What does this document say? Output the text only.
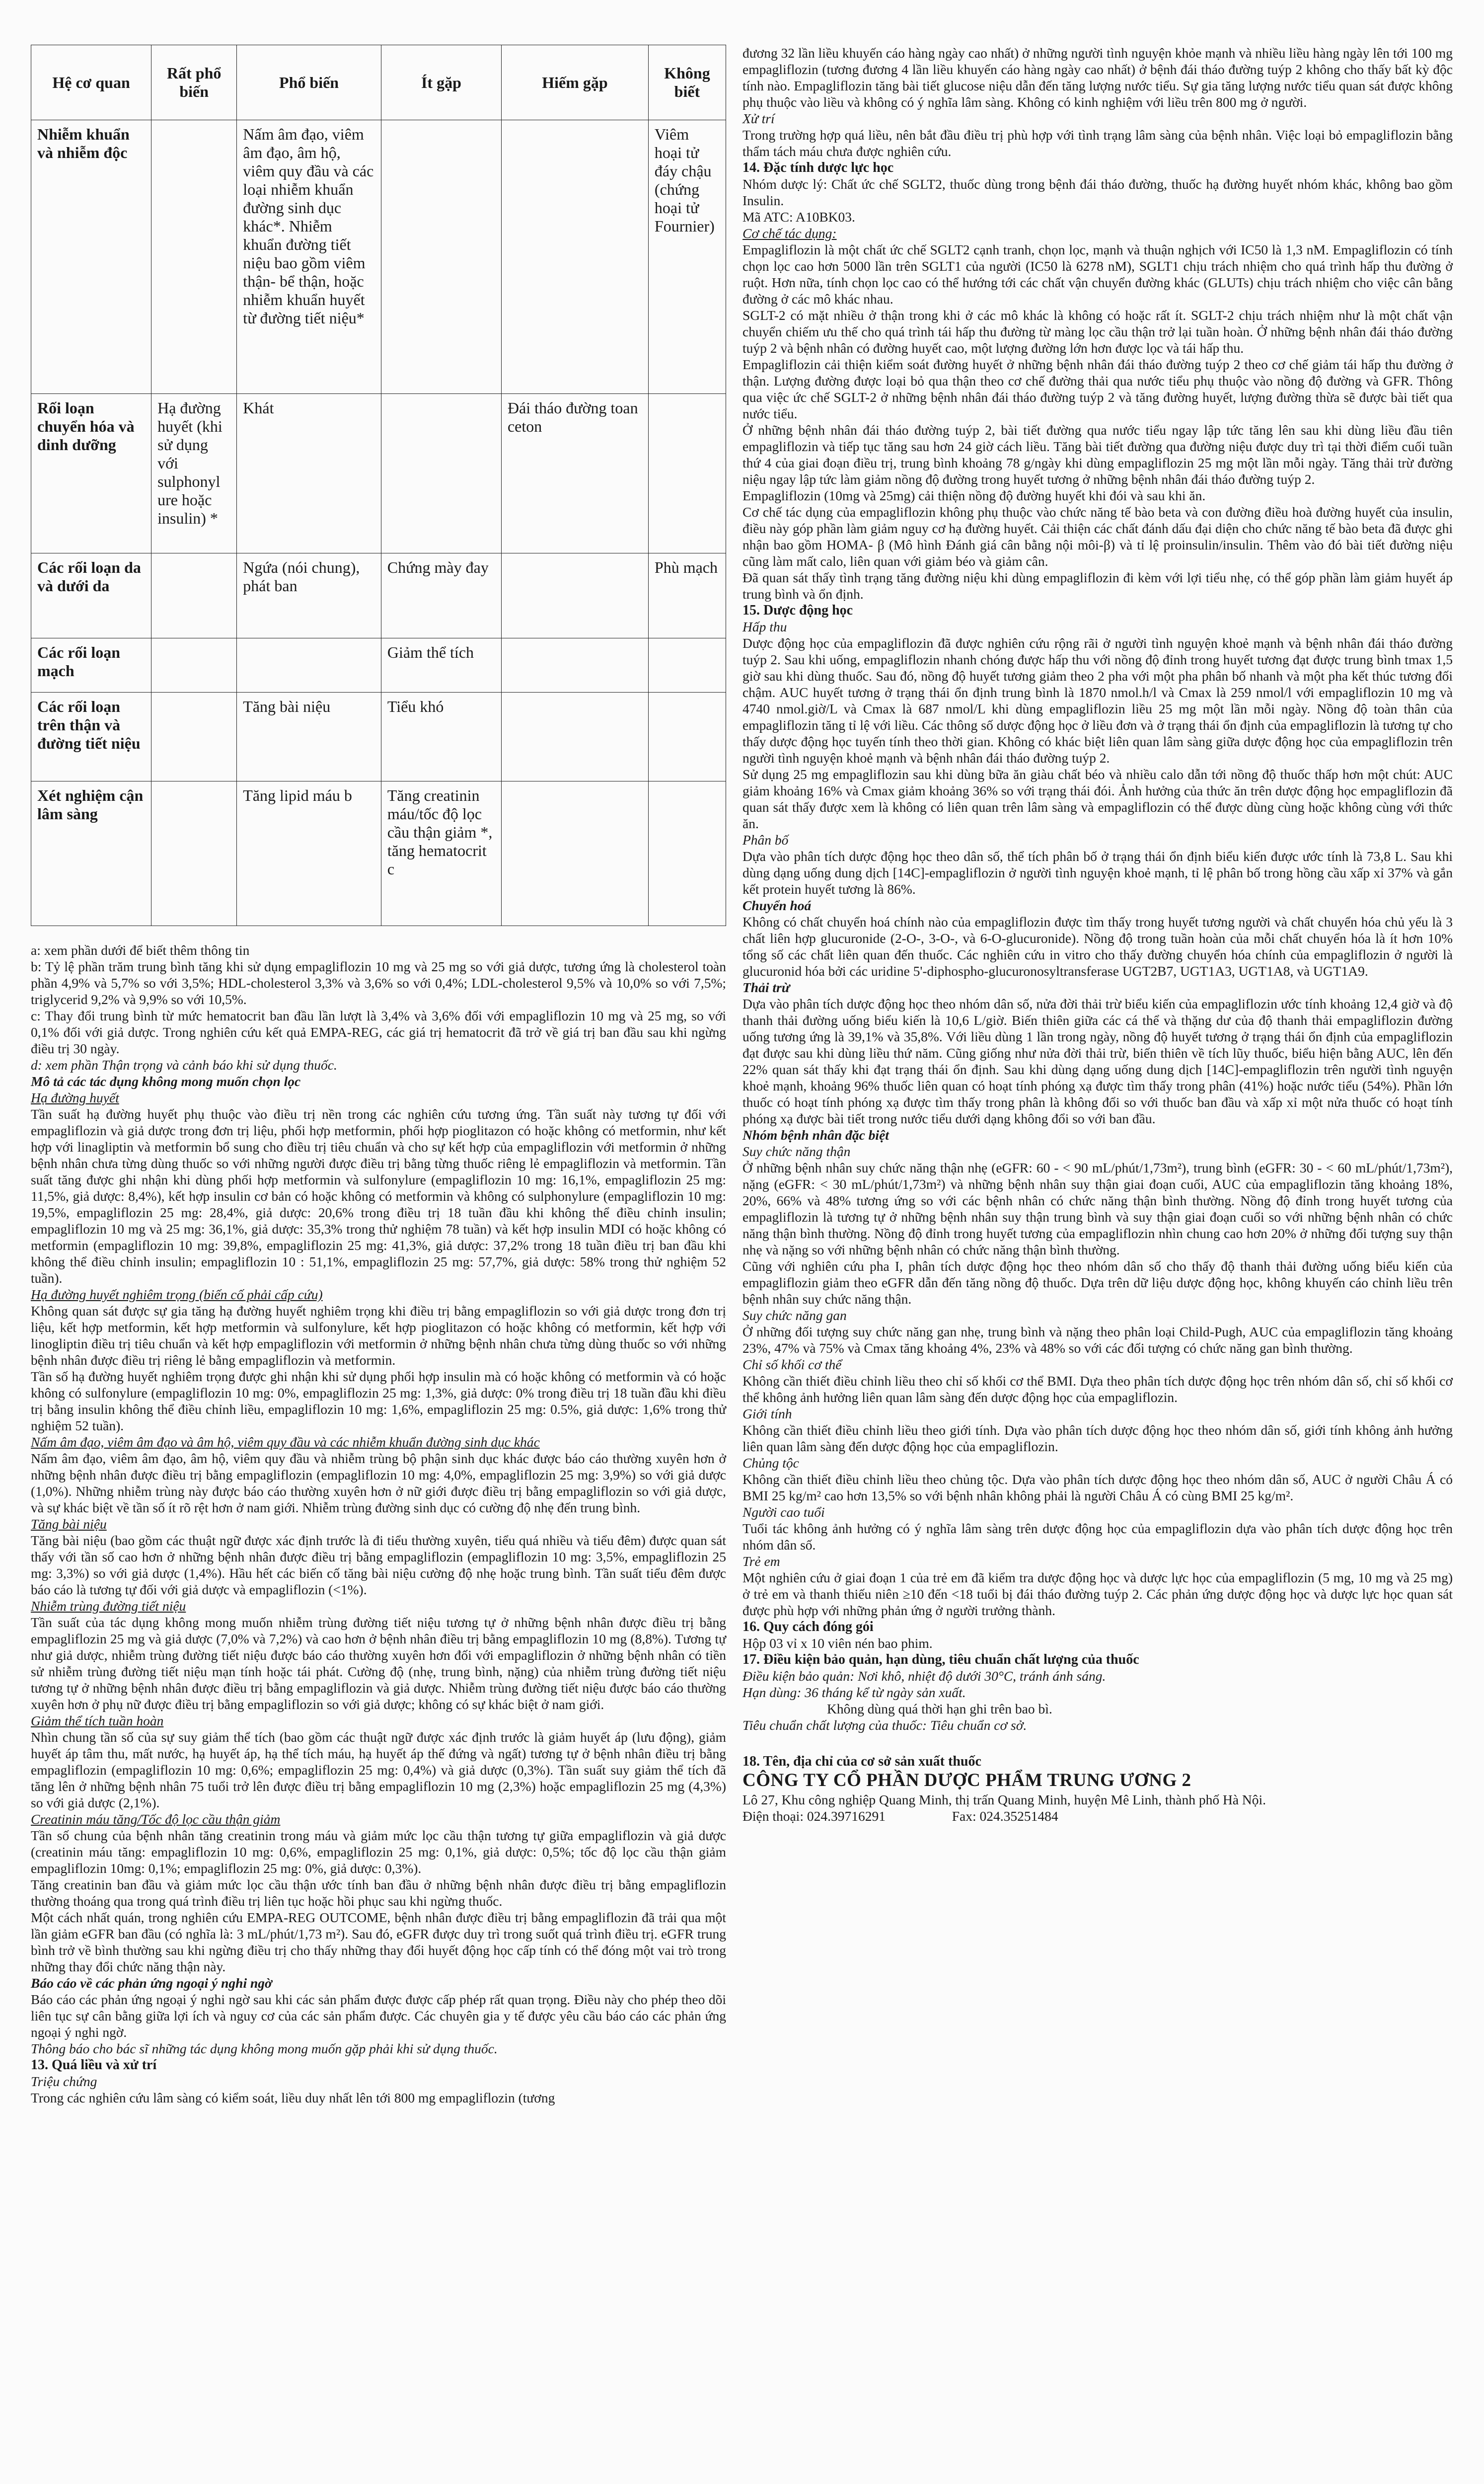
Hệ cơ quan	Rất phổ biến	Phổ biến	Ít gặp	Hiếm gặp	Không biết
Nhiễm khuẩn và nhiễm độc		Nấm âm đạo, viêm âm đạo, âm hộ, viêm quy đầu và các loại nhiễm khuẩn đường sinh dục khác*. Nhiễm khuẩn đường tiết niệu bao gồm viêm thận- bể thận, hoặc nhiễm khuẩn huyết từ đường tiết niệu*			Viêm hoại tử đáy chậu (chứng hoại tử Fournier)
Rối loạn chuyển hóa và dinh dưỡng	Hạ đường huyết (khi sử dụng với sulphonyl ure hoặc insulin) *	Khát		Đái tháo đường toan ceton	
Các rối loạn da và dưới da		Ngứa (nói chung), phát ban	Chứng mày đay		Phù mạch
Các rối loạn mạch			Giảm thể tích		
Các rối loạn trên thận và đường tiết niệu		Tăng bài niệu	Tiểu khó		
Xét nghiệm cận lâm sàng		Tăng lipid máu b	Tăng creatinin máu/tốc độ lọc cầu thận giảm *, tăng hematocrit c		

a: xem phần dưới để biết thêm thông tin

b: Tỷ lệ phần trăm trung bình tăng khi sử dụng empagliflozin 10 mg và 25 mg so với giả dược, tương ứng là cholesterol toàn phần 4,9% và 5,7% so với 3,5%; HDL-cholesterol 3,3% và 3,6% so với 0,4%; LDL-cholesterol 9,5% và 10,0% so với 7,5%; triglycerid 9,2% và 9,9% so với 10,5%.

c: Thay đổi trung bình từ mức hematocrit ban đầu lần lượt là 3,4% và 3,6% đối với empagliflozin 10 mg và 25 mg, so với 0,1% đối với giả dược. Trong nghiên cứu kết quả EMPA-REG, các giá trị hematocrit đã trở về giá trị ban đầu sau khi ngừng điều trị 30 ngày.

d: xem phần Thận trọng và cảnh báo khi sử dụng thuốc.

Mô tả các tác dụng không mong muốn chọn lọc

Hạ đường huyết

Tần suất hạ đường huyết phụ thuộc vào điều trị nền trong các nghiên cứu tương ứng. Tần suất này tương tự đối với empagliflozin và giả dược trong đơn trị liệu, phối hợp metformin, phối hợp pioglitazon có hoặc không có metformin, như kết hợp với linagliptin và metformin bổ sung cho điều trị tiêu chuẩn và cho sự kết hợp của empagliflozin với metformin ở những bệnh nhân chưa từng dùng thuốc so với những người được điều trị bằng từng thuốc riêng lẻ empagliflozin và metformin. Tần suất tăng được ghi nhận khi dùng phối hợp metformin và sulfonylure (empagliflozin 10 mg: 16,1%, empagliflozin 25 mg: 11,5%, giả dược: 8,4%), kết hợp insulin cơ bản có hoặc không có metformin và không có sulphonylure (empagliflozin 10 mg: 19,5%, empagliflozin 25 mg: 28,4%, giả dược: 20,6% trong điều trị 18 tuần đầu khi không thể điều chỉnh insulin; empagliflozin 10 mg và 25 mg: 36,1%, giả dược: 35,3% trong thử nghiệm 78 tuần) và kết hợp insulin MDI có hoặc không có metformin (empagliflozin 10 mg: 39,8%, empagliflozin 25 mg: 41,3%, giả dược: 37,2% trong 18 tuần điều trị ban đầu khi không thể điều chỉnh insulin; empagliflozin 10 : 51,1%, empagliflozin 25 mg: 57,7%, giả dược: 58% trong thử nghiệm 52 tuần).

Hạ đường huyết nghiêm trọng (biến cố phải cấp cứu)

Không quan sát được sự gia tăng hạ đường huyết nghiêm trọng khi điều trị bằng empagliflozin so với giả dược trong đơn trị liệu, kết hợp metformin, kết hợp metformin và sulfonylure, kết hợp pioglitazon có hoặc không có metformin, kết hợp với linogliptin điều trị tiêu chuẩn và kết hợp empagliflozin với metformin ở những bệnh nhân chưa từng dùng thuốc so với những bệnh nhân được điều trị riêng lẻ bằng empagliflozin và metformin.

Tần số hạ đường huyết nghiêm trọng được ghi nhận khi sử dụng phối hợp insulin mà có hoặc không có metformin và có hoặc không có sulfonylure (empagliflozin 10 mg: 0%, empagliflozin 25 mg: 1,3%, giả dược: 0% trong điều trị 18 tuần đầu khi điều trị bằng insulin không thể điều chỉnh liều, empagliflozin 10 mg: 1,6%, empagliflozin 25 mg: 0.5%, giả dược: 1,6% trong thử nghiệm 52 tuần).

Nấm âm đạo, viêm âm đạo và âm hộ, viêm quy đầu và các nhiễm khuẩn đường sinh dục khác

Nấm âm đạo, viêm âm đạo, âm hộ, viêm quy đầu và nhiễm trùng bộ phận sinh dục khác được báo cáo thường xuyên hơn ở những bệnh nhân được điều trị bằng empagliflozin (empagliflozin 10 mg: 4,0%, empagliflozin 25 mg: 3,9%) so với giả dược (1,0%). Những nhiễm trùng này được báo cáo thường xuyên hơn ở nữ giới được điều trị bằng empagliflozin so với giả dược, và sự khác biệt về tần số ít rõ rệt hơn ở nam giới. Nhiễm trùng đường sinh dục có cường độ nhẹ đến trung bình.

Tăng bài niệu

Tăng bài niệu (bao gồm các thuật ngữ được xác định trước là đi tiểu thường xuyên, tiểu quá nhiều và tiểu đêm) được quan sát thấy với tần số cao hơn ở những bệnh nhân được điều trị bằng empagliflozin (empagliflozin 10 mg: 3,5%, empagliflozin 25 mg: 3,3%) so với giả dược (1,4%). Hầu hết các biến cố tăng bài niệu cường độ nhẹ hoặc trung bình. Tần suất tiểu đêm được báo cáo là tương tự đối với giả dược và empagliflozin (<1%).

Nhiễm trùng đường tiết niệu

Tần suất của tác dụng không mong muốn nhiễm trùng đường tiết niệu tương tự ở những bệnh nhân được điều trị bằng empagliflozin 25 mg và giả dược (7,0% và 7,2%) và cao hơn ở bệnh nhân điều trị bằng empagliflozin 10 mg (8,8%). Tương tự như giả dược, nhiễm trùng đường tiết niệu được báo cáo thường xuyên hơn đối với empagliflozin ở những bệnh nhân có tiền sử nhiễm trùng đường tiết niệu mạn tính hoặc tái phát. Cường độ (nhẹ, trung bình, nặng) của nhiễm trùng đường tiết niệu tương tự ở những bệnh nhân được điều trị bằng empagliflozin và giả dược. Nhiễm trùng đường tiết niệu được báo cáo thường xuyên hơn ở phụ nữ được điều trị bằng empagliflozin so với giả dược; không có sự khác biệt ở nam giới.

Giảm thể tích tuần hoàn

Nhìn chung tần số của sự suy giảm thể tích (bao gồm các thuật ngữ được xác định trước là giảm huyết áp (lưu động), giảm huyết áp tâm thu, mất nước, hạ huyết áp, hạ thể tích máu, hạ huyết áp thế đứng và ngất) tương tự ở bệnh nhân điều trị bằng empagliflozin (empagliflozin 10 mg: 0,6%; empagliflozin 25 mg: 0,4%) và giả dược (0,3%). Tần suất suy giảm thể tích đã tăng lên ở những bệnh nhân 75 tuổi trở lên được điều trị bằng empagliflozin 10 mg (2,3%) hoặc empagliflozin 25 mg (4,3%) so với giả dược (2,1%).

Creatinin máu tăng/Tốc độ lọc cầu thận giảm

Tần số chung của bệnh nhân tăng creatinin trong máu và giảm mức lọc cầu thận tương tự giữa empagliflozin và giả dược (creatinin máu tăng: empagliflozin 10 mg: 0,6%, empagliflozin 25 mg: 0,1%, giả dược: 0,5%; tốc độ lọc cầu thận giảm empagliflozin 10mg: 0,1%; empagliflozin 25 mg: 0%, giả dược: 0,3%).

Tăng creatinin ban đầu và giảm mức lọc cầu thận ước tính ban đầu ở những bệnh nhân được điều trị bằng empagliflozin thường thoáng qua trong quá trình điều trị liên tục hoặc hồi phục sau khi ngừng thuốc.

Một cách nhất quán, trong nghiên cứu EMPA-REG OUTCOME, bệnh nhân được điều trị bằng empagliflozin đã trải qua một lần giảm eGFR ban đầu (có nghĩa là: 3 mL/phút/1,73 m²). Sau đó, eGFR được duy trì trong suốt quá trình điều trị. eGFR trung bình trở về bình thường sau khi ngừng điều trị cho thấy những thay đổi huyết động học cấp tính có thể đóng một vai trò trong những thay đổi chức năng thận này.

Báo cáo về các phản ứng ngoại ý nghi ngờ

Báo cáo các phản ứng ngoại ý nghi ngờ sau khi các sản phẩm được được cấp phép rất quan trọng. Điều này cho phép theo dõi liên tục sự cân bằng giữa lợi ích và nguy cơ của các sản phẩm được. Các chuyên gia y tế được yêu cầu báo cáo các phản ứng ngoại ý nghi ngờ.

Thông báo cho bác sĩ những tác dụng không mong muốn gặp phải khi sử dụng thuốc.

13. Quá liều và xử trí

Triệu chứng

Trong các nghiên cứu lâm sàng có kiểm soát, liều duy nhất lên tới 800 mg empagliflozin (tương

đương 32 lần liều khuyến cáo hàng ngày cao nhất) ở những người tình nguyện khỏe mạnh và nhiều liều hàng ngày lên tới 100 mg empagliflozin (tương đương 4 lần liều khuyến cáo hàng ngày cao nhất) ở bệnh đái tháo đường tuýp 2 không cho thấy bất kỳ độc tính nào. Empagliflozin tăng bài tiết glucose niệu dẫn đến tăng lượng nước tiểu. Sự gia tăng lượng nước tiểu quan sát được không phụ thuộc vào liều và không có ý nghĩa lâm sàng. Không có kinh nghiệm với liều trên 800 mg ở người.

Xử trí

Trong trường hợp quá liều, nên bắt đầu điều trị phù hợp với tình trạng lâm sàng của bệnh nhân. Việc loại bỏ empagliflozin bằng thẩm tách máu chưa được nghiên cứu.

14. Đặc tính dược lực học

Nhóm dược lý: Chất ức chế SGLT2, thuốc dùng trong bệnh đái tháo đường, thuốc hạ đường huyết nhóm khác, không bao gồm Insulin.

Mã ATC: A10BK03.

Cơ chế tác dụng:

Empagliflozin là một chất ức chế SGLT2 cạnh tranh, chọn lọc, mạnh và thuận nghịch với IC50 là 1,3 nM. Empagliflozin có tính chọn lọc cao hơn 5000 lần trên SGLT1 của người (IC50 là 6278 nM), SGLT1 chịu trách nhiệm cho quá trình hấp thu đường ở ruột. Hơn nữa, tính chọn lọc cao có thể hướng tới các chất vận chuyển đường khác (GLUTs) chịu trách nhiệm cho việc cân bằng đường ở các mô khác nhau.

SGLT-2 có mặt nhiều ở thận trong khi ở các mô khác là không có hoặc rất ít. SGLT-2 chịu trách nhiệm như là một chất vận chuyển chiếm ưu thế cho quá trình tái hấp thu đường từ màng lọc cầu thận trở lại tuần hoàn. Ở những bệnh nhân đái tháo đường tuýp 2 và bệnh nhân có đường huyết cao, một lượng đường lớn hơn được lọc và tái hấp thu.

Empagliflozin cải thiện kiểm soát đường huyết ở những bệnh nhân đái tháo đường tuýp 2 theo cơ chế giảm tái hấp thu đường ở thận. Lượng đường được loại bỏ qua thận theo cơ chế đường thải qua nước tiểu phụ thuộc vào nồng độ đường và GFR. Thông qua việc ức chế SGLT-2 ở những bệnh nhân đái tháo đường tuýp 2 và tăng đường huyết, lượng đường thừa sẽ được bài tiết qua nước tiểu.

Ở những bệnh nhân đái tháo đường tuýp 2, bài tiết đường qua nước tiểu ngay lập tức tăng lên sau khi dùng liều đầu tiên empagliflozin và tiếp tục tăng sau hơn 24 giờ cách liều. Tăng bài tiết đường qua đường niệu được duy trì tại thời điểm cuối tuần thứ 4 của giai đoạn điều trị, trung bình khoảng 78 g/ngày khi dùng empagliflozin 25 mg một lần mỗi ngày. Tăng thải trừ đường niệu ngay lập tức làm giảm nồng độ đường trong huyết tương ở những bệnh nhân đái tháo đường tuýp 2.

Empagliflozin (10mg và 25mg) cải thiện nồng độ đường huyết khi đói và sau khi ăn.

Cơ chế tác dụng của empagliflozin không phụ thuộc vào chức năng tế bào beta và con đường điều hoà đường huyết của insulin, điều này góp phần làm giảm nguy cơ hạ đường huyết. Cải thiện các chất đánh dấu đại diện cho chức năng tế bào beta đã được ghi nhận bao gồm HOMA- β (Mô hình Đánh giá cân bằng nội môi-β) và tỉ lệ proinsulin/insulin. Thêm vào đó bài tiết đường niệu cũng làm mất calo, liên quan với giảm béo và giảm cân.

Đã quan sát thấy tình trạng tăng đường niệu khi dùng empagliflozin đi kèm với lợi tiểu nhẹ, có thể góp phần làm giảm huyết áp trung bình và ổn định.

15. Dược động học

Hấp thu

Dược động học của empagliflozin đã được nghiên cứu rộng rãi ở người tình nguyện khoẻ mạnh và bệnh nhân đái tháo đường tuýp 2. Sau khi uống, empagliflozin nhanh chóng được hấp thu với nồng độ đỉnh trong huyết tương đạt được trung bình tmax 1,5 giờ sau khi dùng thuốc. Sau đó, nồng độ huyết tương giảm theo 2 pha với một pha phân bố nhanh và một pha kết thúc tương đối chậm. AUC huyết tương ở trạng thái ổn định trung bình là 1870 nmol.h/l và Cmax là 259 nmol/l với empagliflozin 10 mg và 4740 nmol.giờ/L và Cmax là 687 nmol/L khi dùng empagliflozin liều 25 mg một lần mỗi ngày. Nồng độ toàn thân của empagliflozin tăng tỉ lệ với liều. Các thông số dược động học ở liều đơn và ở trạng thái ổn định của empagliflozin là tương tự cho thấy dược động học tuyến tính theo thời gian. Không có khác biệt liên quan lâm sàng giữa dược động học của empagliflozin trên người tình nguyện khoẻ mạnh và bệnh nhân đái tháo đường tuýp 2.

Sử dụng 25 mg empagliflozin sau khi dùng bữa ăn giàu chất béo và nhiều calo dẫn tới nồng độ thuốc thấp hơn một chút: AUC giảm khoảng 16% và Cmax giảm khoảng 36% so với trạng thái đói. Ảnh hưởng của thức ăn trên dược động học empagliflozin đã quan sát thấy được xem là không có liên quan trên lâm sàng và empagliflozin có thể được dùng cùng hoặc không cùng với thức ăn.

Phân bố

Dựa vào phân tích dược động học theo dân số, thể tích phân bố ở trạng thái ổn định biểu kiến được ước tính là 73,8 L. Sau khi dùng dạng uống dung dịch [14C]-empagliflozin ở người tình nguyện khoẻ mạnh, tỉ lệ phân bố trong hồng cầu xấp xỉ 37% và gắn kết protein huyết tương là 86%.

Chuyển hoá

Không có chất chuyển hoá chính nào của empagliflozin được tìm thấy trong huyết tương người và chất chuyển hóa chủ yếu là 3 chất liên hợp glucuronide (2-O-, 3-O-, và 6-O-glucuronide). Nồng độ trong tuần hoàn của mỗi chất chuyển hóa là ít hơn 10% tổng số các chất liên quan đến thuốc. Các nghiên cứu in vitro cho thấy đường chuyển hóa chính của empagliflozin ở người là glucuronid hóa bởi các uridine 5'-diphospho-glucuronosyltransferase UGT2B7, UGT1A3, UGT1A8, và UGT1A9.

Thải trừ

Dựa vào phân tích dược động học theo nhóm dân số, nửa đời thải trừ biểu kiến của empagliflozin ước tính khoảng 12,4 giờ và độ thanh thải đường uống biểu kiến là 10,6 L/giờ. Biến thiên giữa các cá thể và thặng dư của độ thanh thải empagliflozin đường uống tương ứng là 39,1% và 35,8%. Với liều dùng 1 lần trong ngày, nồng độ huyết tương ở trạng thái ổn định của empagliflozin đạt được sau khi dùng liều thứ năm. Cũng giống như nửa đời thải trừ, biến thiên về tích lũy thuốc, biểu hiện bằng AUC, lên đến 22% quan sát thấy khi đạt trạng thái ổn định. Sau khi dùng dạng uống dung dịch [14C]-empagliflozin trên người tình nguyện khoẻ mạnh, khoảng 96% thuốc liên quan có hoạt tính phóng xạ được tìm thấy trong phân (41%) hoặc nước tiểu (54%). Phần lớn thuốc có hoạt tính phóng xạ được tìm thấy trong phân là không đổi so với thuốc ban đầu và xấp xỉ một nửa thuốc có hoạt tính phóng xạ được bài tiết trong nước tiểu dưới dạng không đổi so với ban đầu.

Nhóm bệnh nhân đặc biệt

Suy chức năng thận

Ở những bệnh nhân suy chức năng thận nhẹ (eGFR: 60 - < 90 mL/phút/1,73m²), trung bình (eGFR: 30 - < 60 mL/phút/1,73m²), nặng (eGFR: < 30 mL/phút/1,73m²) và những bệnh nhân suy thận giai đoạn cuối, AUC của empagliflozin tăng khoảng 18%, 20%, 66% và 48% tương ứng so với các bệnh nhân có chức năng thận bình thường. Nồng độ đỉnh trong huyết tương của empagliflozin là tương tự ở những bệnh nhân suy thận trung bình và suy thận giai đoạn cuối so với những bệnh nhân có chức năng thận bình thường. Nồng độ đỉnh trong huyết tương của empagliflozin nhìn chung cao hơn 20% ở những đối tượng suy thận nhẹ và nặng so với những bệnh nhân có chức năng thận bình thường.

Cũng với nghiên cứu pha I, phân tích dược động học theo nhóm dân số cho thấy độ thanh thải đường uống biểu kiến của empagliflozin giảm theo eGFR dẫn đến tăng nồng độ thuốc. Dựa trên dữ liệu dược động học, không khuyến cáo chỉnh liều trên bệnh nhân suy chức năng thận.

Suy chức năng gan

Ở những đối tượng suy chức năng gan nhẹ, trung bình và nặng theo phân loại Child-Pugh, AUC của empagliflozin tăng khoảng 23%, 47% và 75% và Cmax tăng khoảng 4%, 23% và 48% so với các đối tượng có chức năng gan bình thường.

Chỉ số khối cơ thể

Không cần thiết điều chỉnh liều theo chỉ số khối cơ thể BMI. Dựa theo phân tích dược động học trên nhóm dân số, chỉ số khối cơ thể không ảnh hưởng liên quan lâm sàng đến dược động học của empagliflozin.

Giới tính

Không cần thiết điều chỉnh liều theo giới tính. Dựa vào phân tích dược động học theo nhóm dân số, giới tính không ảnh hưởng liên quan lâm sàng đến dược động học của empagliflozin.

Chủng tộc

Không cần thiết điều chỉnh liều theo chủng tộc. Dựa vào phân tích dược động học theo nhóm dân số, AUC ở người Châu Á có BMI 25 kg/m² cao hơn 13,5% so với bệnh nhân không phải là người Châu Á có cùng BMI 25 kg/m².

Người cao tuổi

Tuổi tác không ảnh hưởng có ý nghĩa lâm sàng trên dược động học của empagliflozin dựa vào phân tích dược động học trên nhóm dân số.

Trẻ em

Một nghiên cứu ở giai đoạn 1 của trẻ em đã kiểm tra dược động học và dược lực học của empagliflozin (5 mg, 10 mg và 25 mg) ở trẻ em và thanh thiếu niên ≥10 đến <18 tuổi bị đái tháo đường tuýp 2. Các phản ứng dược động học và dược lực học quan sát được phù hợp với những phản ứng ở người trưởng thành.

16. Quy cách đóng gói

Hộp 03 vỉ x 10 viên nén bao phim.

17. Điều kiện bảo quản, hạn dùng, tiêu chuẩn chất lượng của thuốc

Điều kiện bảo quản: Nơi khô, nhiệt độ dưới 30°C, tránh ánh sáng.

Hạn dùng: 36 tháng kể từ ngày sản xuất.

Không dùng quá thời hạn ghi trên bao bì.

Tiêu chuẩn chất lượng của thuốc: Tiêu chuẩn cơ sở.

18. Tên, địa chỉ của cơ sở sản xuất thuốc

CÔNG TY CỔ PHẦN DƯỢC PHẨM TRUNG ƯƠNG 2

Lô 27, Khu công nghiệp Quang Minh, thị trấn Quang Minh, huyện Mê Linh, thành phố Hà Nội.

Điện thoại: 024.39716291	Fax: 024.35251484
